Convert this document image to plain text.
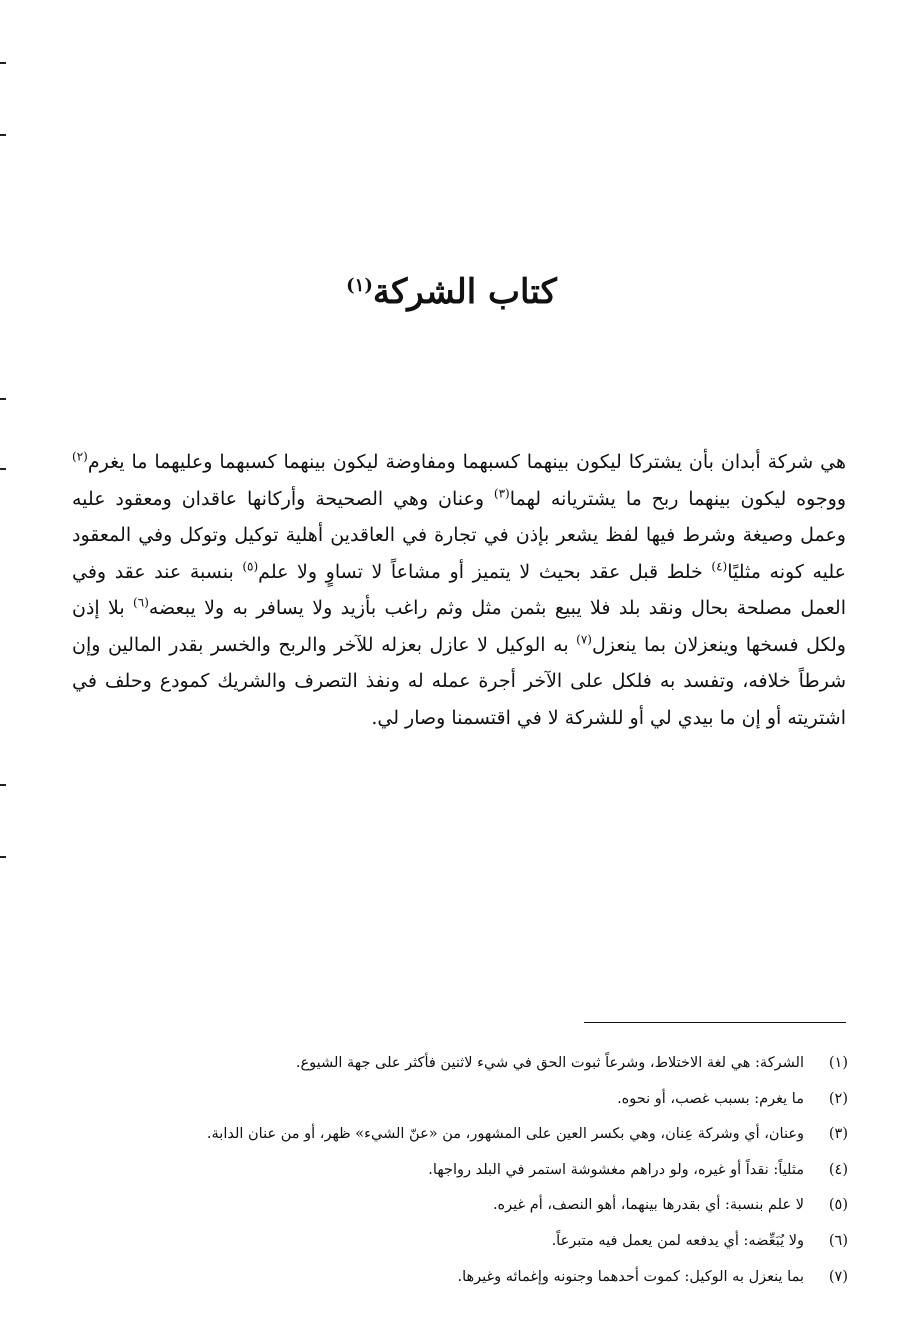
كتاب الشركة$^{(١)}$

هي شركة أبدان بأن يشتركا ليكون بينهما كسبهما ومفاوضة ليكون بينهما كسبهما وعليهما ما يغرم$^{(٢)}$ ووجوه ليكون بينهما ربح ما يشتريانه لهما$^{(٣)}$ وعنان وهي الصحيحة وأركانها عاقدان ومعقود عليه وعمل وصيغة وشرط فيها لفظ يشعر بإذن في تجارة في العاقدين أهلية توكيل وتوكل وفي المعقود عليه كونه مثليًا$^{(٤)}$ خلط قبل عقد بحيث لا يتميز أو مشاعاً لا تساوٍ ولا علم$^{(٥)}$ بنسبة عند عقد وفي العمل مصلحة بحال ونقد بلد فلا يبيع بثمن مثل وثم راغب بأزيد ولا يسافر به ولا يبعضه$^{(٦)}$ بلا إذن ولكل فسخها وينعزلان بما ينعزل$^{(٧)}$ به الوكيل لا عازل بعزله للآخر والربح والخسر بقدر المالين وإن شرطاً خلافه، وتفسد به فلكل على الآخر أجرة عمله له ونفذ التصرف والشريك كمودع وحلف في اشتريته أو إن ما بيدي لي أو للشركة لا في اقتسمنا وصار لي.

(١)
الشركة: هي لغة الاختلاط، وشرعاً ثبوت الحق في شيء لاثنين فأكثر على جهة الشيوع.
(٢)
ما يغرم: بسبب غصب، أو نحوه.
(٣)
وعنان، أي وشركة عِنان، وهي بكسر العين على المشهور، من «عنّ الشيء» ظهر، أو من عنان الدابة.
(٤)
مثلياً: نقداً أو غيره، ولو دراهم مغشوشة استمر في البلد رواجها.
(٥)
لا علم بنسبة: أي بقدرها بينهما، أهو النصف، أم غيره.
(٦)
ولا يُبَعِّضه: أي يدفعه لمن يعمل فيه متبرعاً.
(٧)
بما ينعزل به الوكيل: كموت أحدهما وجنونه وإغمائه وغيرها.
